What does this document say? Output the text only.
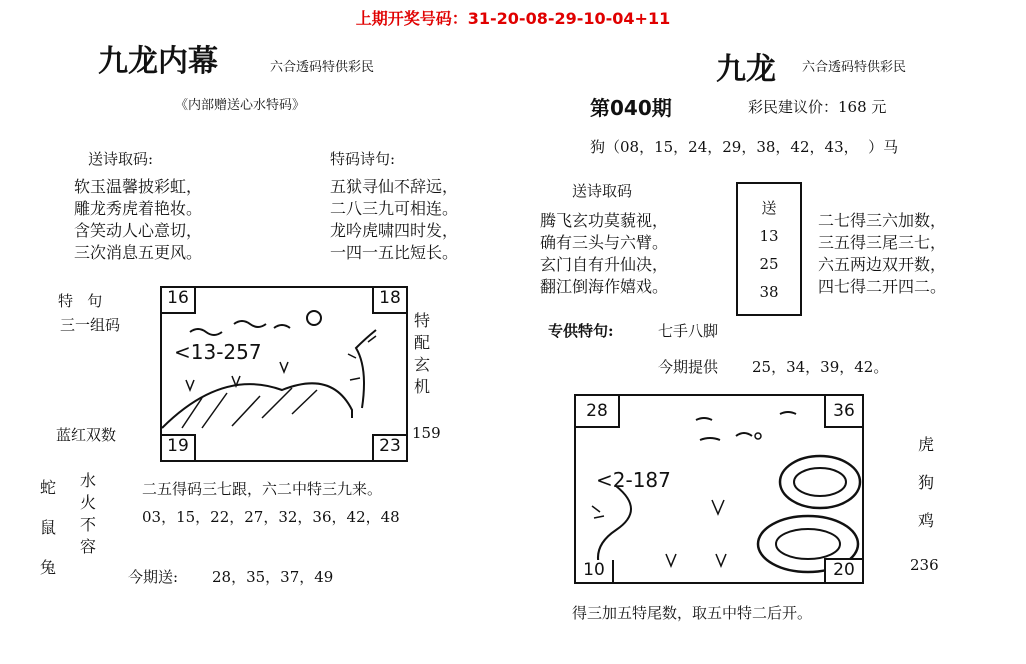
上期开奖号码：31-20-08-29-10-04+11
九龙内幕	六合透码特供彩民
《内部赠送心水特码》
送诗取码:
软玉温馨披彩虹，
雕龙秀虎着艳妆。
含笑动人心意切，
三次消息五更风。
特码诗句:
五狱寻仙不辞远，
二八三九可相连。
龙吟虎啸四时发，
一四一五比短长。
特   句
三一组码
蓝红双数
<13-257
16	18
19	23
特
配
玄
机
159
蛇
鼠
兔
水
火
不
容
二五得码三七跟，六二中特三九来。
03，15，22，27，32，36，42，48
今期送: 28，35，37，49
九龙 六合透码特供彩民
第040期	彩民建议价：168 元
狗（08，15，24，29，38，42，43，  ）马
送诗取码
腾飞玄功莫藐视，
确有三头与六臂。
玄门自有升仙决，
翻江倒海作嬉戏。
送
13
25
38
二七得三六加数，
三五得三尾三七，
六五两边双开数，
四七得二开四二。
专供特句:	七手八脚
今期提供 25，34，39，42。
<2-187
28	36
10	20
虎
狗
鸡
236
得三加五特尾数，取五中特二后开。
